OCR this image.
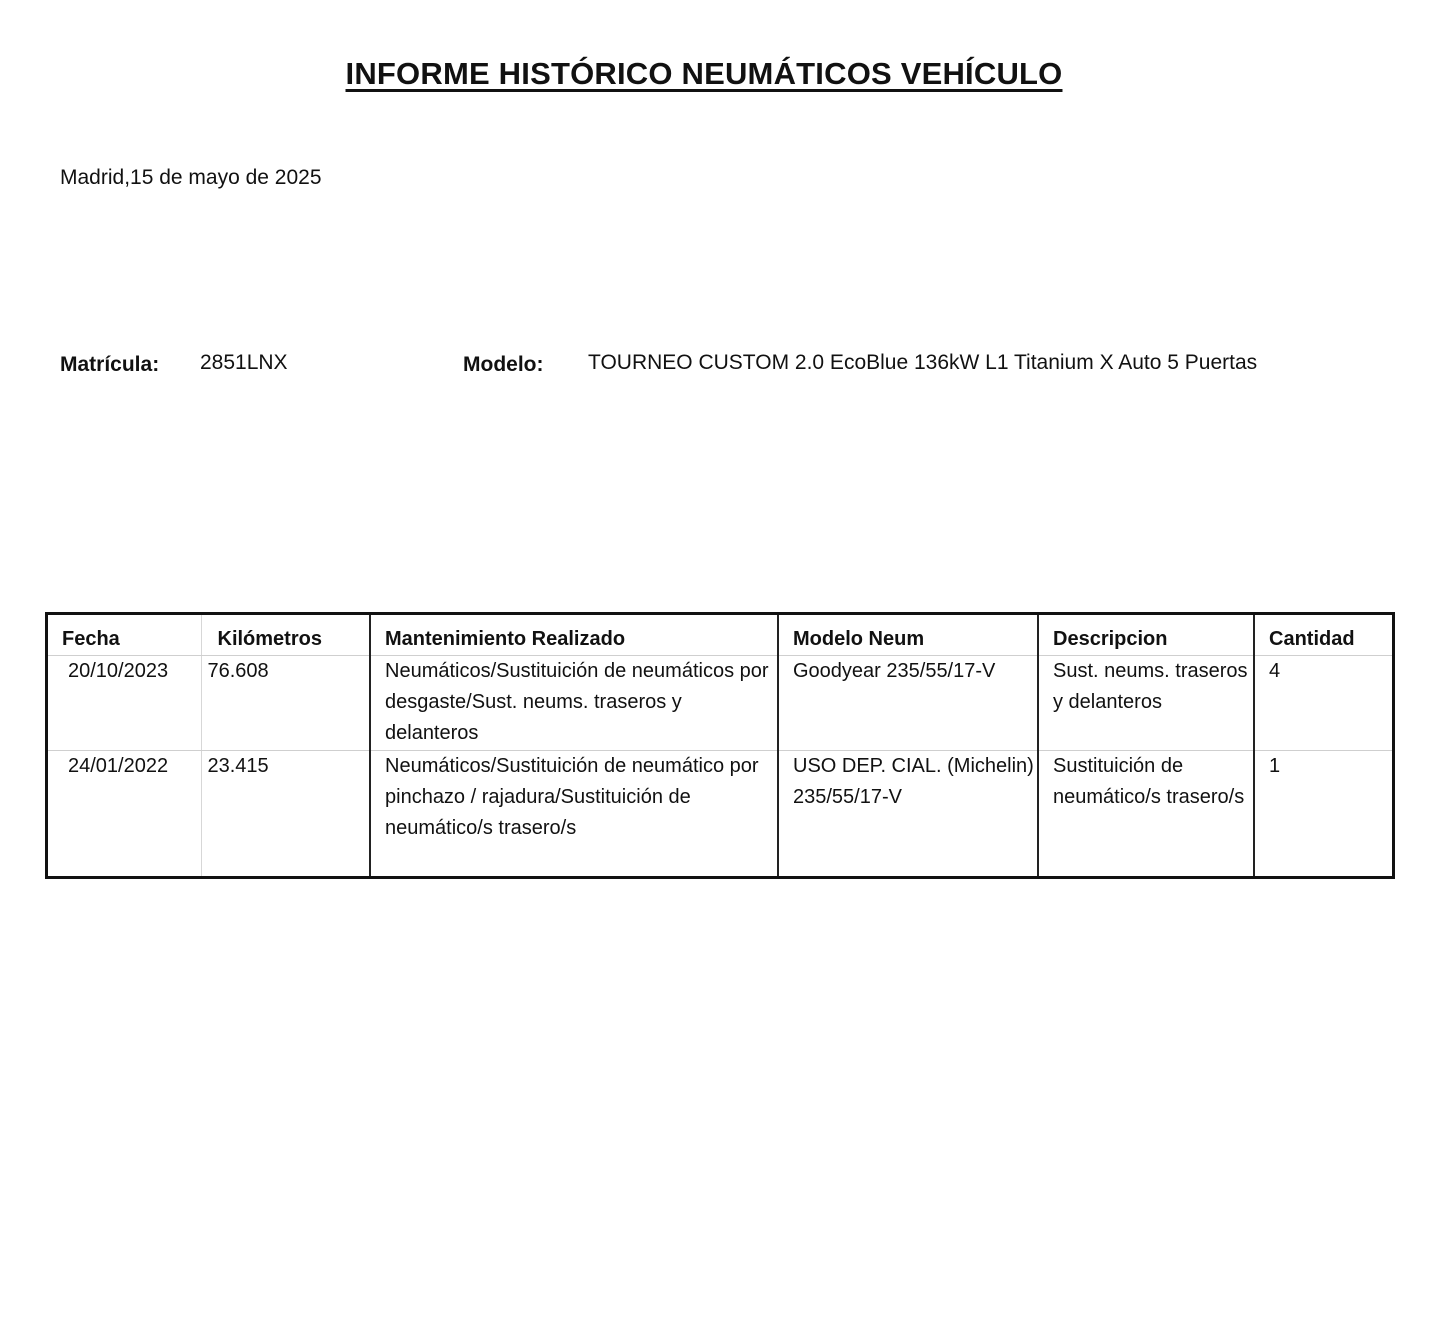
INFORME HISTÓRICO NEUMÁTICOS VEHÍCULO
Madrid,15 de mayo de 2025
Matrícula: 2851LNX	Modelo: TOURNEO CUSTOM 2.0 EcoBlue 136kW L1 Titanium X Auto 5 Puertas
Fecha	Kilómetros	Mantenimiento Realizado	Modelo Neum	Descripcion	Cantidad
20/10/2023	76.608	Neumáticos/Sustituición de neumáticos por desgaste/Sust. neums. traseros y delanteros	Goodyear 235/55/17-V	Sust. neums. traseros y delanteros	4
24/01/2022	23.415	Neumáticos/Sustituición de neumático por pinchazo / rajadura/Sustituición de neumático/s trasero/s	USO DEP. CIAL. (Michelin) 235/55/17-V	Sustituición de neumático/s trasero/s	1
